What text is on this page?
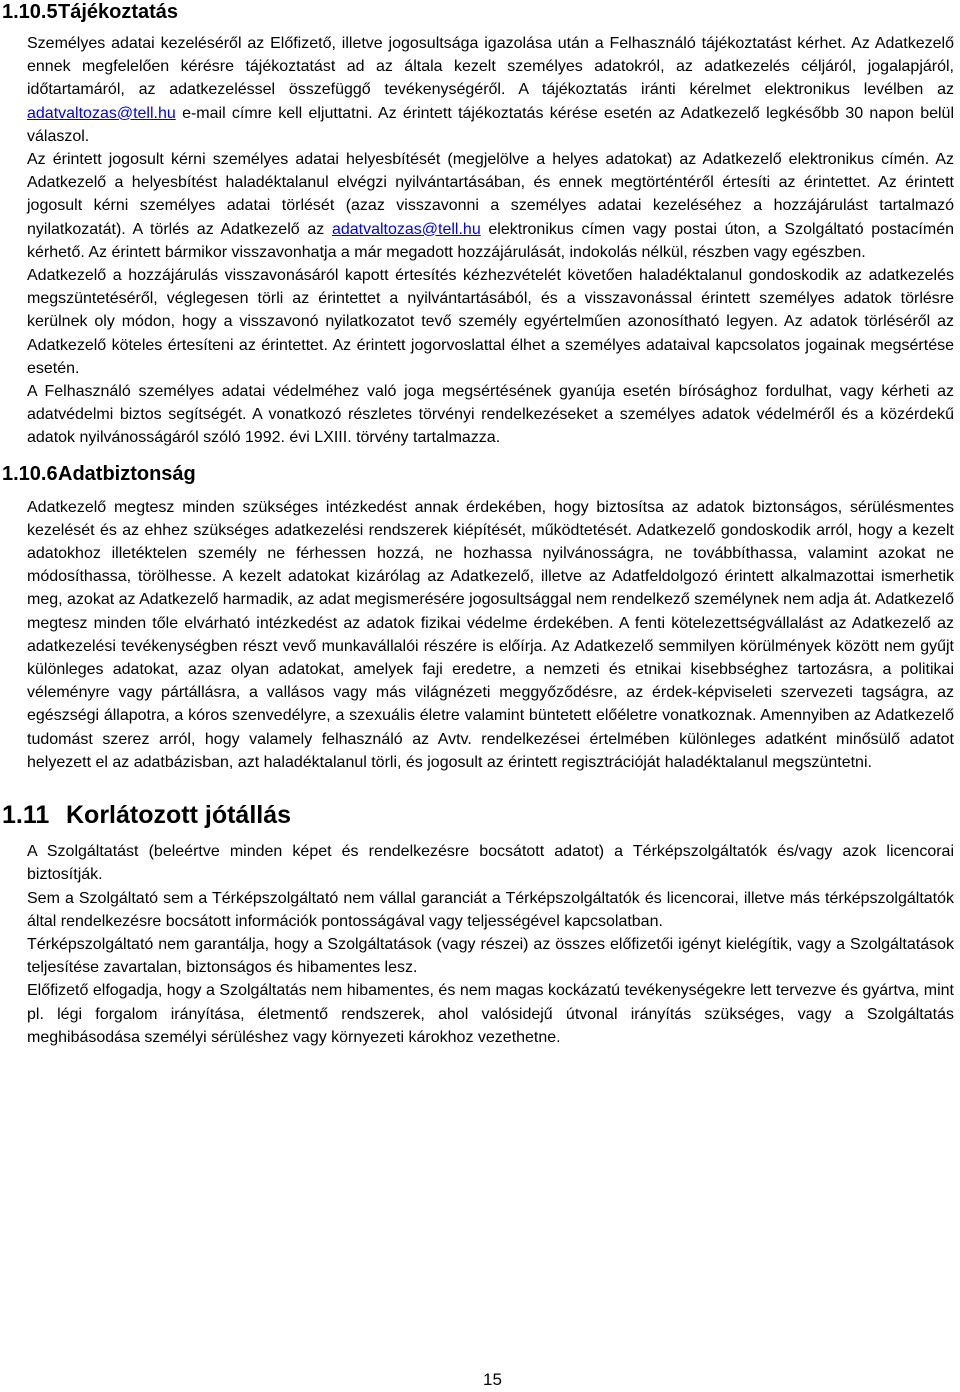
1.10.5 Tájékoztatás

Személyes adatai kezeléséről az Előfizető, illetve jogosultsága igazolása után a Felhasználó tájékoztatást kérhet. Az Adatkezelő ennek megfelelően kérésre tájékoztatást ad az általa kezelt személyes adatokról, az adatkezelés céljáról, jogalapjáról, időtartamáról, az adatkezeléssel összefüggő tevékenységéről. A tájékoztatás iránti kérelmet elektronikus levélben az adatvaltozas@tell.hu e-mail címre kell eljuttatni. Az érintett tájékoztatás kérése esetén az Adatkezelő legkésőbb 30 napon belül válaszol.

Az érintett jogosult kérni személyes adatai helyesbítését (megjelölve a helyes adatokat) az Adatkezelő elektronikus címén. Az Adatkezelő a helyesbítést haladéktalanul elvégzi nyilvántartásában, és ennek megtörténtéről értesíti az érintettet. Az érintett jogosult kérni személyes adatai törlését (azaz visszavonni a személyes adatai kezeléséhez a hozzájárulást tartalmazó nyilatkozatát). A törlés az Adatkezelő az adatvaltozas@tell.hu elektronikus címen vagy postai úton, a Szolgáltató postacímén kérhető. Az érintett bármikor visszavonhatja a már megadott hozzájárulását, indokolás nélkül, részben vagy egészben.

Adatkezelő a hozzájárulás visszavonásáról kapott értesítés kézhezvételét követően haladéktalanul gondoskodik az adatkezelés megszüntetéséről, véglegesen törli az érintettet a nyilvántartásából, és a visszavonással érintett személyes adatok törlésre kerülnek oly módon, hogy a visszavonó nyilatkozatot tevő személy egyértelműen azonosítható legyen. Az adatok törléséről az Adatkezelő köteles értesíteni az érintettet. Az érintett jogorvoslattal élhet a személyes adataival kapcsolatos jogainak megsértése esetén.

A Felhasználó személyes adatai védelméhez való joga megsértésének gyanúja esetén bírósághoz fordulhat, vagy kérheti az adatvédelmi biztos segítségét. A vonatkozó részletes törvényi rendelkezéseket a személyes adatok védelméről és a közérdekű adatok nyilvánosságáról szóló 1992. évi LXIII. törvény tartalmazza.

1.10.6 Adatbiztonság

Adatkezelő megtesz minden szükséges intézkedést annak érdekében, hogy biztosítsa az adatok biztonságos, sérülésmentes kezelését és az ehhez szükséges adatkezelési rendszerek kiépítését, működtetését. Adatkezelő gondoskodik arról, hogy a kezelt adatokhoz illetéktelen személy ne férhessen hozzá, ne hozhassa nyilvánosságra, ne továbbíthassa, valamint azokat ne módosíthassa, törölhesse. A kezelt adatokat kizárólag az Adatkezelő, illetve az Adatfeldolgozó érintett alkalmazottai ismerhetik meg, azokat az Adatkezelő harmadik, az adat megismerésére jogosultsággal nem rendelkező személynek nem adja át. Adatkezelő megtesz minden tőle elvárható intézkedést az adatok fizikai védelme érdekében. A fenti kötelezettségvállalást az Adatkezelő az adatkezelési tevékenységben részt vevő munkavállalói részére is előírja. Az Adatkezelő semmilyen körülmények között nem gyűjt különleges adatokat, azaz olyan adatokat, amelyek faji eredetre, a nemzeti és etnikai kisebbséghez tartozásra, a politikai véleményre vagy pártállásra, a vallásos vagy más világnézeti meggyőződésre, az érdek-képviseleti szervezeti tagságra, az egészségi állapotra, a kóros szenvedélyre, a szexuális életre valamint büntetett előéletre vonatkoznak. Amennyiben az Adatkezelő tudomást szerez arról, hogy valamely felhasználó az Avtv. rendelkezései értelmében különleges adatként minősülő adatot helyezett el az adatbázisban, azt haladéktalanul törli, és jogosult az érintett regisztrációját haladéktalanul megszüntetni.

1.11 Korlátozott jótállás

A Szolgáltatást (beleértve minden képet és rendelkezésre bocsátott adatot) a Térképszolgáltatók és/vagy azok licencorai biztosítják.

Sem a Szolgáltató sem a Térképszolgáltató nem vállal garanciát a Térképszolgáltatók és licencorai, illetve más térképszolgáltatók által rendelkezésre bocsátott információk pontosságával vagy teljességével kapcsolatban.

Térképszolgáltató nem garantálja, hogy a Szolgáltatások (vagy részei) az összes előfizetői igényt kielégítik, vagy a Szolgáltatások teljesítése zavartalan, biztonságos és hibamentes lesz.

Előfizető elfogadja, hogy a Szolgáltatás nem hibamentes, és nem magas kockázatú tevékenységekre lett tervezve és gyártva, mint pl. légi forgalom irányítása, életmentő rendszerek, ahol valósidejű útvonal irányítás szükséges, vagy a Szolgáltatás meghibásodása személyi sérüléshez vagy környezeti károkhoz vezethetne.

15
